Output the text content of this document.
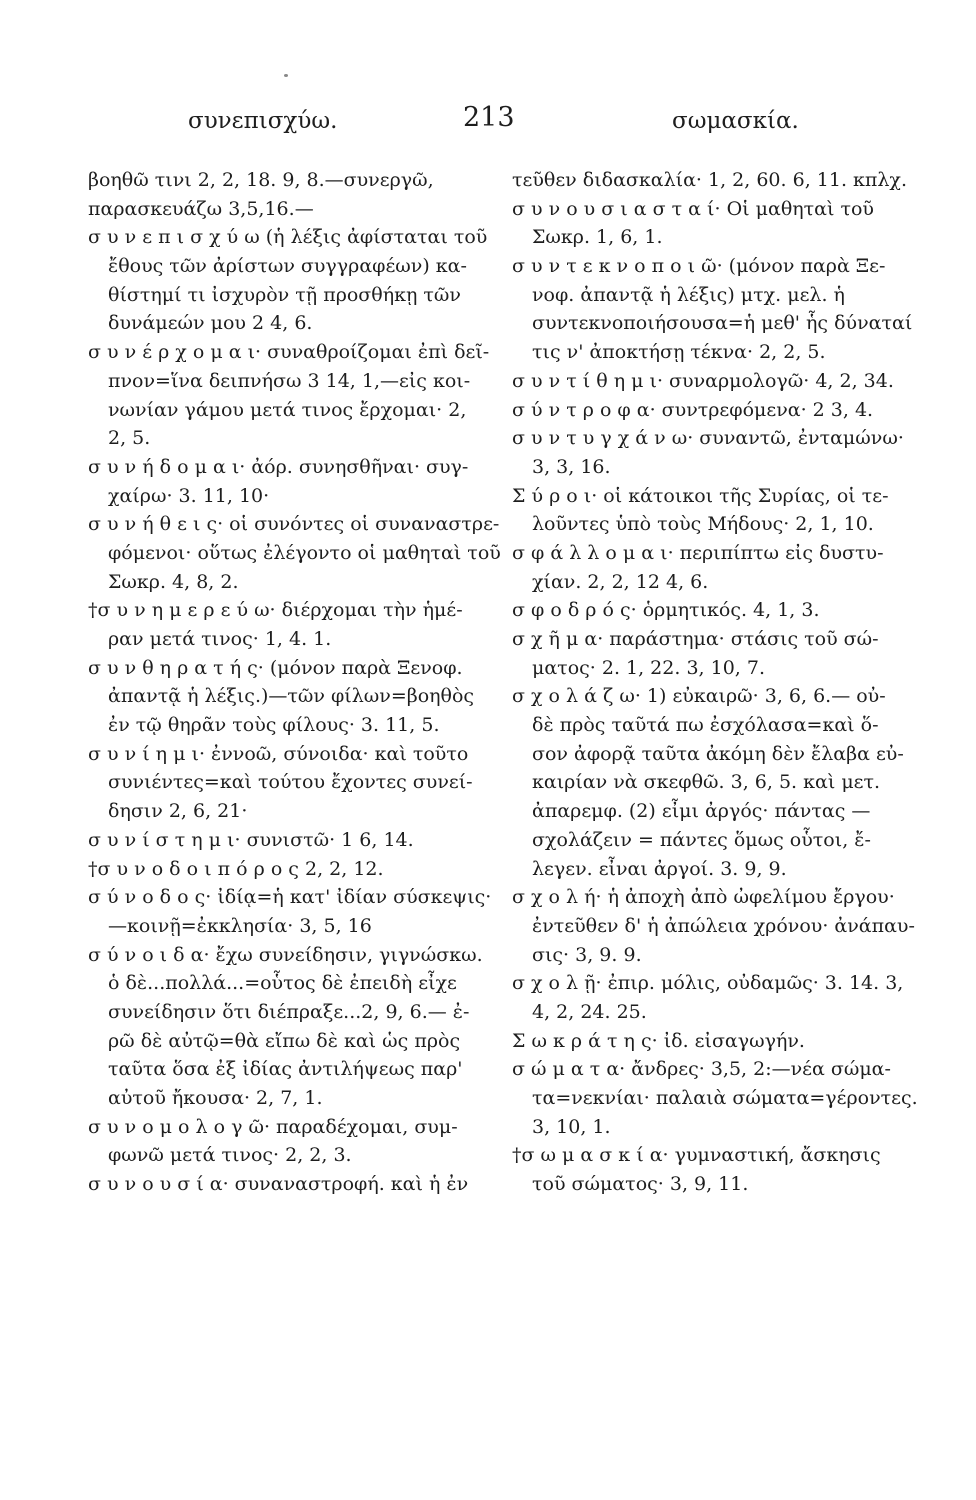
συνεπισχύω.	213	σωμασκία.
βοηθῶ τινι 2, 2, 18. 9, 8.—συνεργῶ,
παρασκευάζω 3,5,16.—
σ υ ν ε π ι σ χ ύ ω (ἡ λέξις ἀφίσταται τοῦ
ἔθους τῶν ἀρίστων συγγραφέων) κα-
θίστημί τι ἰσχυρὸν τῇ προσθήκῃ τῶν
δυνάμεών μου 2 4, 6.
σ υ ν έ ρ χ ο μ α ι· συναθροίζομαι ἐπὶ δεῖ-
πνον=ἵνα δειπνήσω 3 14, 1,—εἰς κοι-
νωνίαν γάμου μετά τινος ἔρχομαι· 2,
2, 5.
σ υ ν ή δ ο μ α ι· ἀόρ. συνησθῆναι· συγ-
χαίρω· 3. 11, 10·
σ υ ν ή θ ε ι ς· οἱ συνόντες οἱ συναναστρε-
φόμενοι· οὕτως ἐλέγοντο οἱ μαθηταὶ τοῦ
Σωκρ. 4, 8, 2.
†σ υ ν η μ ε ρ ε ύ ω· διέρχομαι τὴν ἡμέ-
ραν μετά τινος· 1, 4. 1.
σ υ ν θ η ρ α τ ή ς· (μόνον παρὰ Ξενοφ.
ἀπαντᾷ ἡ λέξις.)—τῶν φίλων=βοηθὸς
ἐν τῷ θηρᾶν τοὺς φίλους· 3. 11, 5.
σ υ ν ί η μ ι· ἐννοῶ, σύνοιδα· καὶ τοῦτο
συνιέντες=καὶ τούτου ἔχοντες συνεί-
δησιν 2, 6, 21·
σ υ ν ί σ τ η μ ι· συνιστῶ· 1 6, 14.
†σ υ ν ο δ ο ι π ό ρ ο ς 2, 2, 12.
σ ύ ν ο δ ο ς· ἰδίᾳ=ἡ κατ' ἰδίαν σύσκεψις·
—κοινῇ=ἐκκλησία· 3, 5, 16
σ ύ ν ο ι δ α· ἔχω συνείδησιν, γιγνώσκω.
ὁ δὲ...πολλά...=οὗτος δὲ ἐπειδὴ εἶχε
συνείδησιν ὅτι διέπραξε...2, 9, 6.— ἐ-
ρῶ δὲ αὐτῷ=θὰ εἴπω δὲ καὶ ὡς πρὸς
ταῦτα ὅσα ἐξ ἰδίας ἀντιλήψεως παρ'
αὐτοῦ ἤκουσα· 2, 7, 1.
σ υ ν ο μ ο λ ο γ ῶ· παραδέχομαι, συμ-
φωνῶ μετά τινος· 2, 2, 3.
σ υ ν ο υ σ ί α· συναναστροφή. καὶ ἡ ἐν
τεῦθεν διδασκαλία· 1, 2, 60. 6, 11. κπλχ.
σ υ ν ο υ σ ι α σ τ α ί· Οἱ μαθηταὶ τοῦ
Σωκρ. 1, 6, 1.
σ υ ν τ ε κ ν ο π ο ι ῶ· (μόνον παρὰ Ξε-
νοφ. ἀπαντᾷ ἡ λέξις) μτχ. μελ. ἡ
συντεκνοποιήσουσα=ἡ μεθ' ἧς δύναταί
τις ν' ἀποκτήσῃ τέκνα· 2, 2, 5.
σ υ ν τ ί θ η μ ι· συναρμολογῶ· 4, 2, 34.
σ ύ ν τ ρ ο φ α· συντρεφόμενα· 2 3, 4.
σ υ ν τ υ γ χ ά ν ω· συναντῶ, ἐνταμώνω·
3, 3, 16.
Σ ύ ρ ο ι· οἱ κάτοικοι τῆς Συρίας, οἱ τε-
λοῦντες ὑπὸ τοὺς Μήδους· 2, 1, 10.
σ φ ά λ λ ο μ α ι· περιπίπτω εἰς δυστυ-
χίαν. 2, 2, 12 4, 6.
σ φ ο δ ρ ό ς· ὁρμητικός. 4, 1, 3.
σ χ ῆ μ α· παράστημα· στάσις τοῦ σώ-
ματος· 2. 1, 22. 3, 10, 7.
σ χ ο λ ά ζ ω· 1) εὐκαιρῶ· 3, 6, 6.— οὐ-
δὲ πρὸς ταῦτά πω ἐσχόλασα=καὶ ὅ-
σον ἀφορᾷ ταῦτα ἀκόμη δὲν ἔλαβα εὐ-
καιρίαν νὰ σκεφθῶ. 3, 6, 5. καὶ μετ.
ἀπαρεμφ. (2) εἶμι ἀργός· πάντας —
σχολάζειν = πάντες ὅμως οὗτοι, ἔ-
λεγεν. εἶναι ἀργοί. 3. 9, 9.
σ χ ο λ ή· ἡ ἀποχὴ ἀπὸ ὠφελίμου ἔργου·
ἐντεῦθεν δ' ἡ ἀπώλεια χρόνου· ἀνάπαυ-
σις· 3, 9. 9.
σ χ ο λ ῇ· ἐπιρ. μόλις, οὐδαμῶς· 3. 14. 3,
4, 2, 24. 25.
Σ ω κ ρ ά τ η ς· ἰδ. εἰσαγωγήν.
σ ώ μ α τ α· ἄνδρες· 3,5, 2:—νέα σώμα-
τα=νεκνίαι· παλαιὰ σώματα=γέροντες.
3, 10, 1.
†σ ω μ α σ κ ί α· γυμναστική, ἄσκησις
τοῦ σώματος· 3, 9, 11.
